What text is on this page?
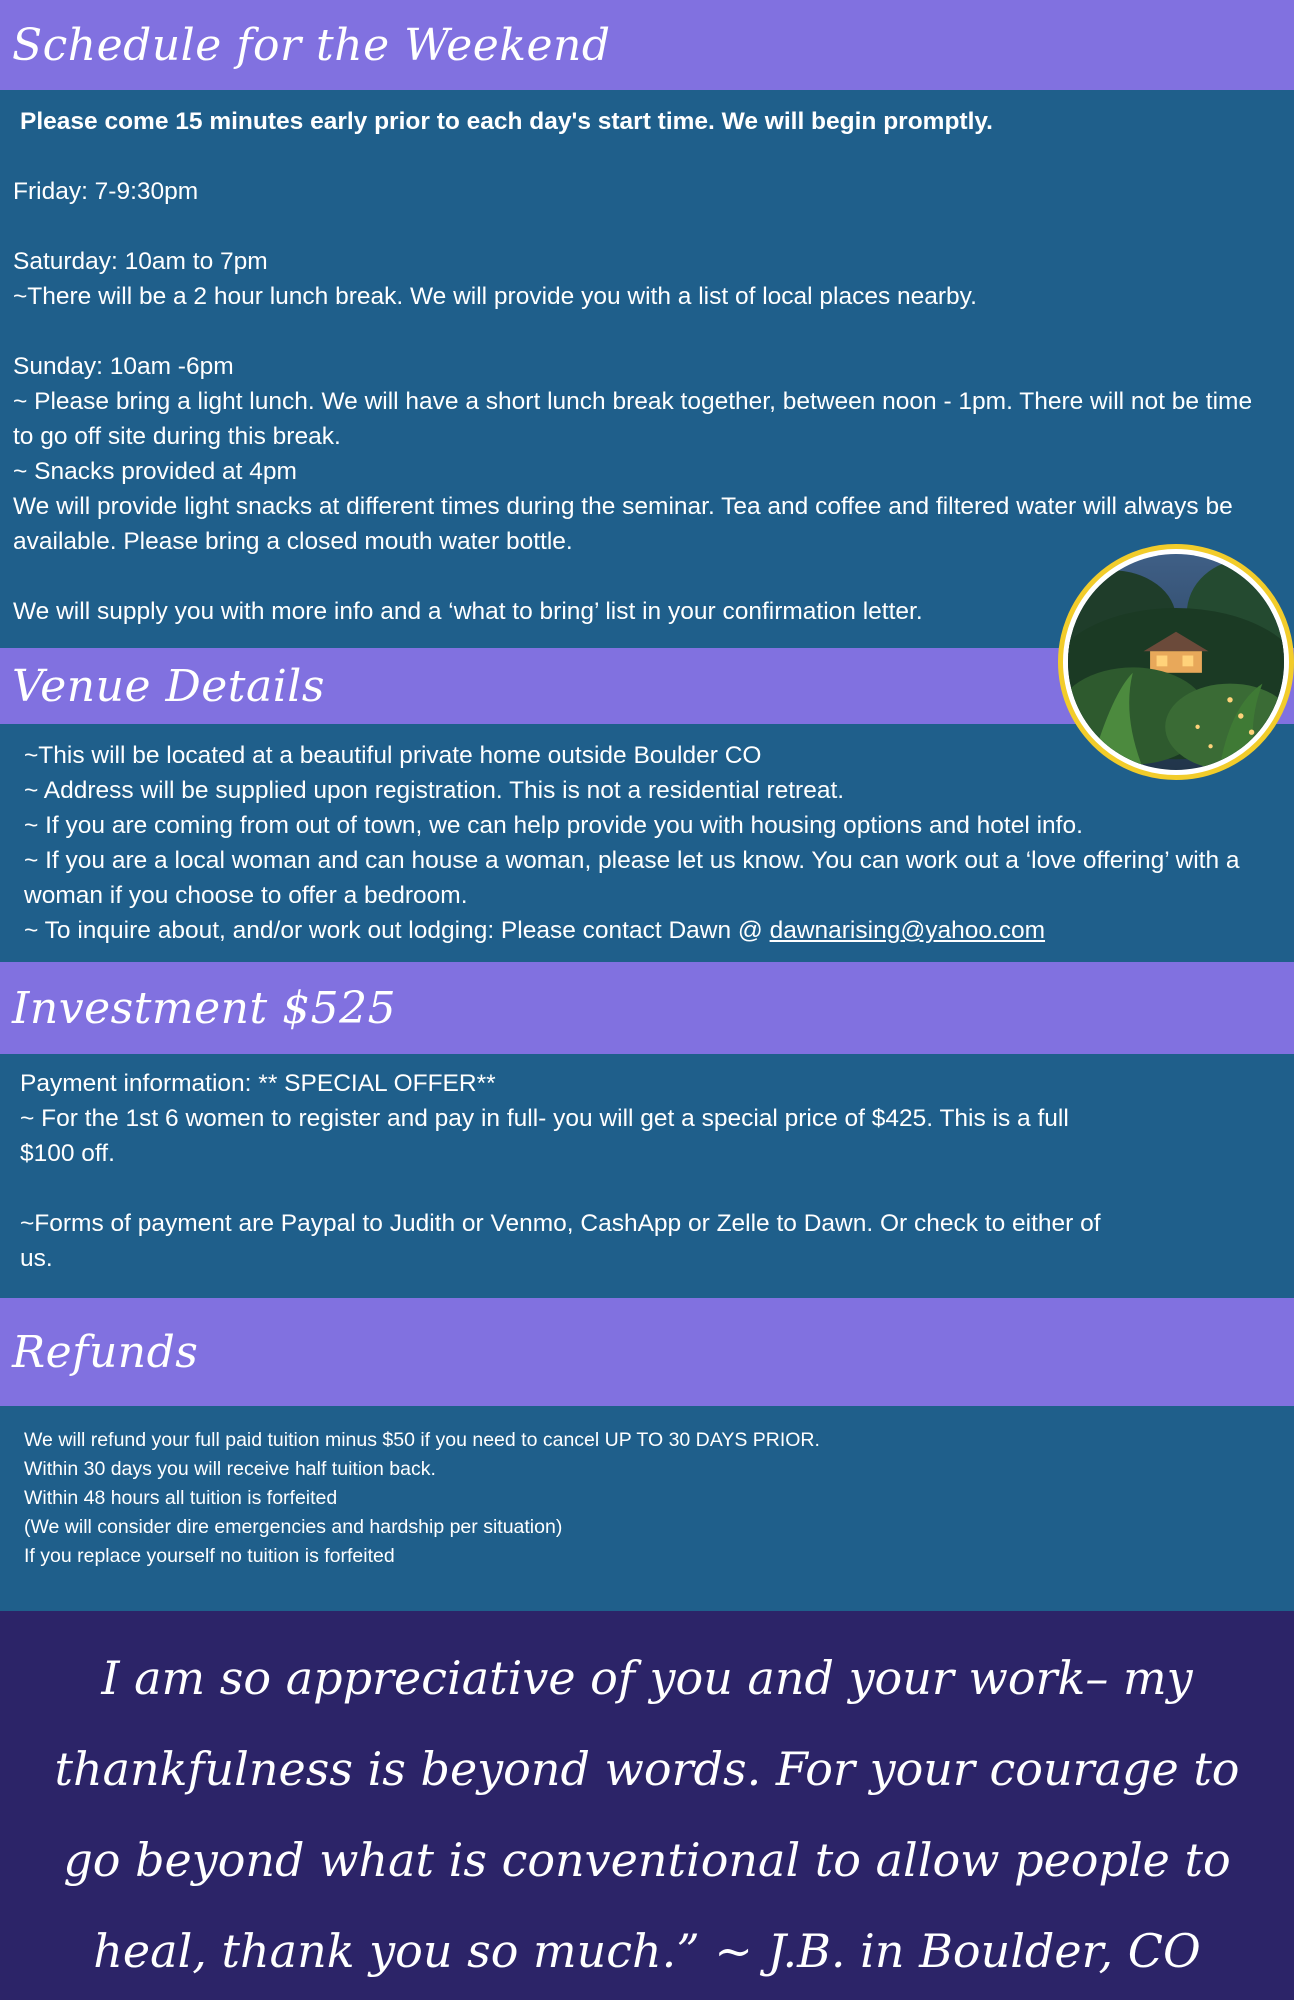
Schedule for the Weekend

Please come 15 minutes early prior to each day's start time. We will begin promptly.

Friday: 7-9:30pm

Saturday: 10am to 7pm

~There will be a 2 hour lunch break. We will provide you with a list of local places nearby.

Sunday: 10am -6pm

~ Please bring a light lunch. We will have a short lunch break together, between noon - 1pm. There will not be time to go off site during this break.

~ Snacks provided at 4pm

We will provide light snacks at different times during the seminar. Tea and coffee and filtered water will always be available. Please bring a closed mouth water bottle.

We will supply you with more info and a ‘what to bring’ list in your confirmation letter.

Venue Details

~This will be located at a beautiful private home outside Boulder CO

~ Address will be supplied upon registration. This is not a residential retreat.

~ If you are coming from out of town, we can help provide you with housing options and hotel info.

~ If you are a local woman and can house a woman, please let us know. You can work out a ‘love offering’ with a woman if you choose to offer a bedroom.

~ To inquire about, and/or work out lodging: Please contact Dawn @ dawnarising@yahoo.com

Investment $525

Payment information: ** SPECIAL OFFER**

~ For the 1st 6 women to register and pay in full- you will get a special price of $425. This is a full $100 off.

~Forms of payment are Paypal to Judith or Venmo, CashApp or Zelle to Dawn. Or check to either of us.

Refunds

We will refund your full paid tuition minus $50 if you need to cancel UP TO 30 DAYS PRIOR.

Within 30 days you will receive half tuition back.

Within 48 hours all tuition is forfeited

(We will consider dire emergencies and hardship per situation)

If you replace yourself no tuition is forfeited

I am so appreciative of you and your work– my thankfulness is beyond words. For your courage to go beyond what is conventional to allow people to heal, thank you so much.” ~ J.B. in Boulder, CO
